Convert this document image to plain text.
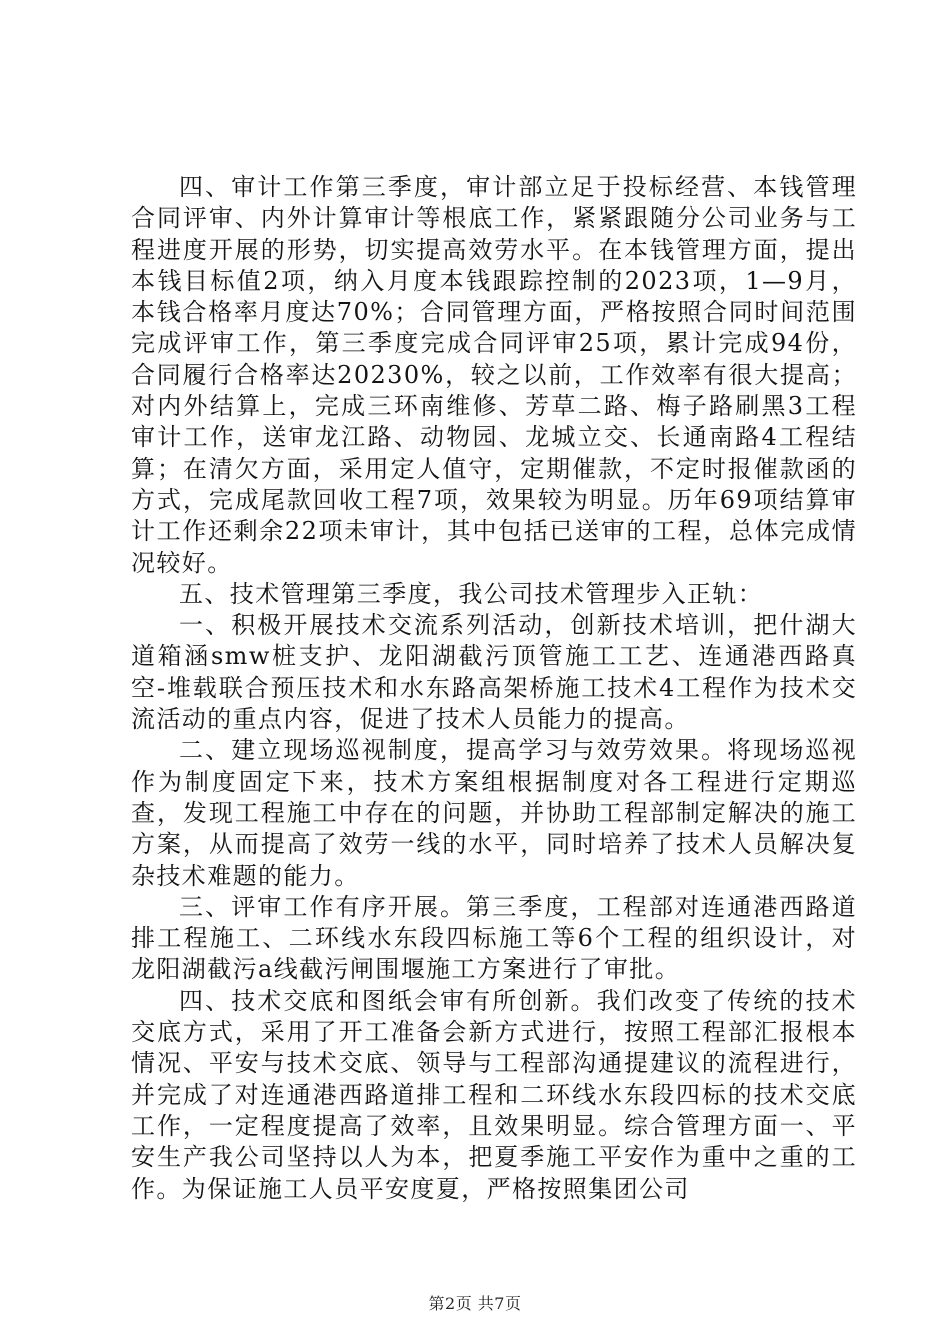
四、审计工作第三季度，审计部立足于投标经营、本钱管理合同评审、内外计算审计等根底工作，紧紧跟随分公司业务与工程进度开展的形势，切实提高效劳水平。在本钱管理方面，提出本钱目标值2项，纳入月度本钱跟踪控制的2023项，1—9月，本钱合格率月度达70%；合同管理方面，严格按照合同时间范围完成评审工作，第三季度完成合同评审25项，累计完成94份，合同履行合格率达20230%，较之以前，工作效率有很大提高；对内外结算上，完成三环南维修、芳草二路、梅子路刷黑3工程审计工作，送审龙江路、动物园、龙城立交、长通南路4工程结算；在清欠方面，采用定人值守，定期催款，不定时报催款函的方式，完成尾款回收工程7项，效果较为明显。历年69项结算审计工作还剩余22项未审计，其中包括已送审的工程，总体完成情况较好。

五、技术管理第三季度，我公司技术管理步入正轨：

一、积极开展技术交流系列活动，创新技术培训，把什湖大道箱涵smw桩支护、龙阳湖截污顶管施工工艺、连通港西路真空-堆载联合预压技术和水东路高架桥施工技术4工程作为技术交流活动的重点内容，促进了技术人员能力的提高。

二、建立现场巡视制度，提高学习与效劳效果。将现场巡视作为制度固定下来，技术方案组根据制度对各工程进行定期巡查，发现工程施工中存在的问题，并协助工程部制定解决的施工方案，从而提高了效劳一线的水平，同时培养了技术人员解决复杂技术难题的能力。

三、评审工作有序开展。第三季度，工程部对连通港西路道排工程施工、二环线水东段四标施工等6个工程的组织设计，对龙阳湖截污a线截污闸围堰施工方案进行了审批。

四、技术交底和图纸会审有所创新。我们改变了传统的技术交底方式，采用了开工准备会新方式进行，按照工程部汇报根本情况、平安与技术交底、领导与工程部沟通提建议的流程进行，并完成了对连通港西路道排工程和二环线水东段四标的技术交底工作，一定程度提高了效率，且效果明显。综合管理方面一、平安生产我公司坚持以人为本，把夏季施工平安作为重中之重的工作。为保证施工人员平安度夏，严格按照集团公司

第2页 共7页
